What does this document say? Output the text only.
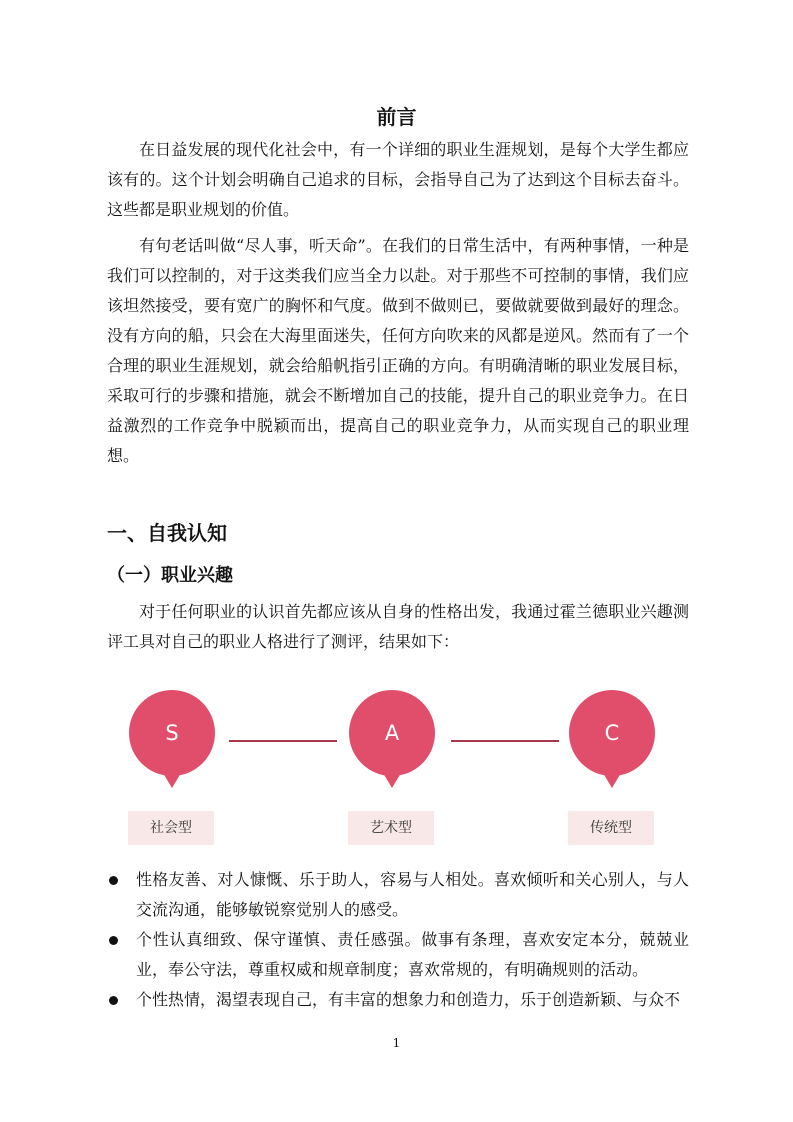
前言

在日益发展的现代化社会中，有一个详细的职业生涯规划，是每个大学生都应该有的。这个计划会明确自己追求的目标，会指导自己为了达到这个目标去奋斗。这些都是职业规划的价值。

有句老话叫做“尽人事，听天命”。在我们的日常生活中，有两种事情，一种是我们可以控制的，对于这类我们应当全力以赴。对于那些不可控制的事情，我们应该坦然接受，要有宽广的胸怀和气度。做到不做则已，要做就要做到最好的理念。没有方向的船，只会在大海里面迷失，任何方向吹来的风都是逆风。然而有了一个合理的职业生涯规划，就会给船帆指引正确的方向。有明确清晰的职业发展目标，采取可行的步骤和措施，就会不断增加自己的技能，提升自己的职业竞争力。在日益激烈的工作竞争中脱颖而出，提高自己的职业竞争力，从而实现自己的职业理想。

一、自我认知
（一）职业兴趣

对于任何职业的认识首先都应该从自身的性格出发，我通过霍兰德职业兴趣测评工具对自己的职业人格进行了测评，结果如下：

S
社会型
A
艺术型
C
传统型
性格友善、对人慷慨、乐于助人，容易与人相处。喜欢倾听和关心别人，与人交流沟通，能够敏锐察觉别人的感受。
个性认真细致、保守谨慎、责任感强。做事有条理，喜欢安定本分，兢兢业业，奉公守法，尊重权威和规章制度；喜欢常规的，有明确规则的活动。
个性热情，渴望表现自己，有丰富的想象力和创造力，乐于创造新颖、与众不
1
